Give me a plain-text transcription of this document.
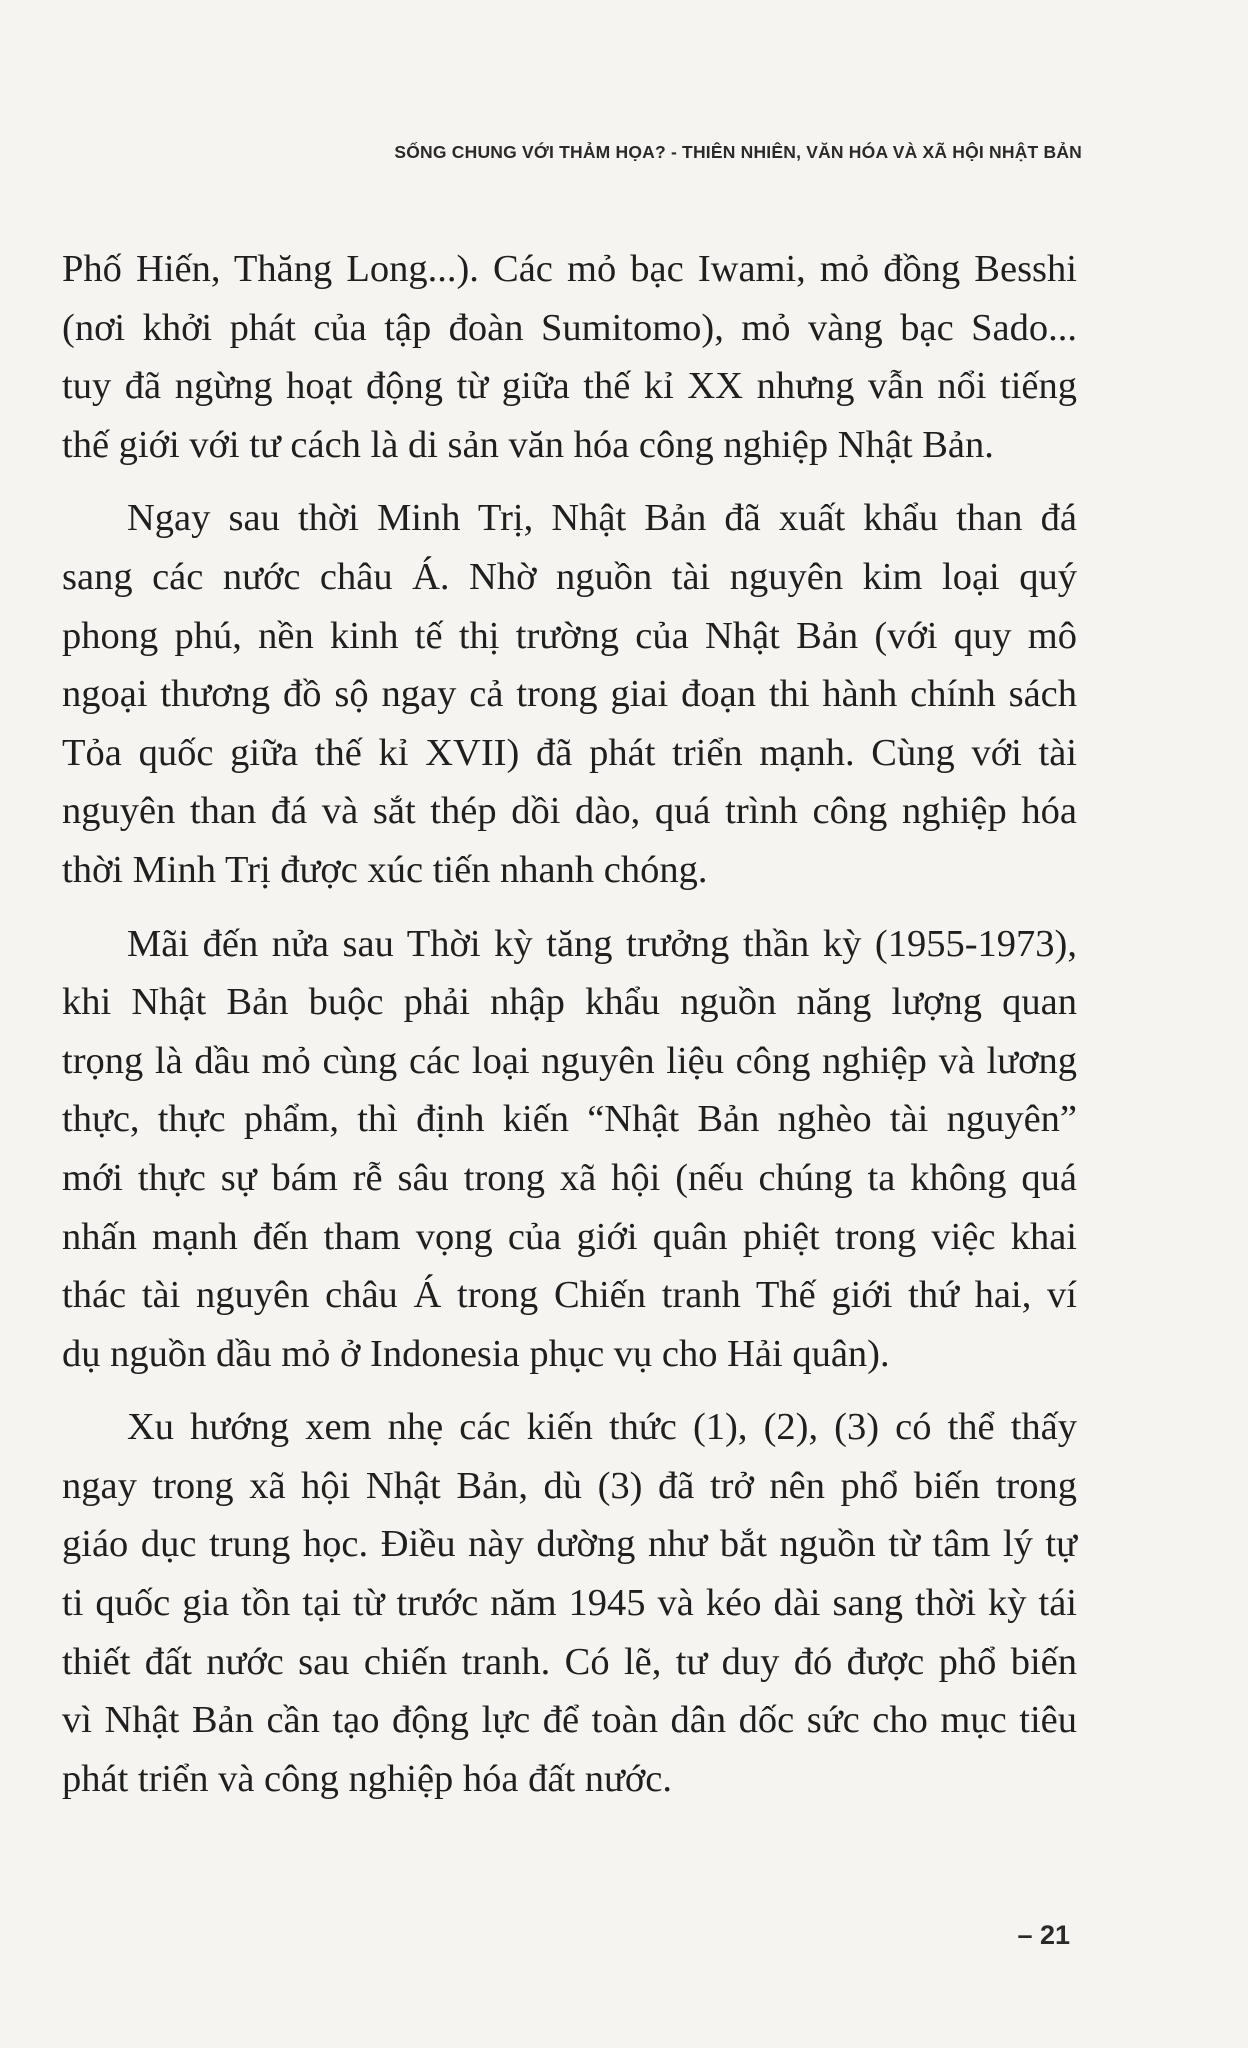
SỐNG CHUNG VỚI THẢM HỌA? - THIÊN NHIÊN, VĂN HÓA VÀ XÃ HỘI NHẬT BẢN
Phố Hiến, Thăng Long...). Các mỏ bạc Iwami, mỏ đồng Besshi
(nơi khởi phát của tập đoàn Sumitomo), mỏ vàng bạc Sado...
tuy đã ngừng hoạt động từ giữa thế kỉ XX nhưng vẫn nổi tiếng
thế giới với tư cách là di sản văn hóa công nghiệp Nhật Bản.
Ngay sau thời Minh Trị, Nhật Bản đã xuất khẩu than đá
sang các nước châu Á. Nhờ nguồn tài nguyên kim loại quý
phong phú, nền kinh tế thị trường của Nhật Bản (với quy mô
ngoại thương đồ sộ ngay cả trong giai đoạn thi hành chính sách
Tỏa quốc giữa thế kỉ XVII) đã phát triển mạnh. Cùng với tài
nguyên than đá và sắt thép dồi dào, quá trình công nghiệp hóa
thời Minh Trị được xúc tiến nhanh chóng.
Mãi đến nửa sau Thời kỳ tăng trưởng thần kỳ (1955-1973),
khi Nhật Bản buộc phải nhập khẩu nguồn năng lượng quan
trọng là dầu mỏ cùng các loại nguyên liệu công nghiệp và lương
thực, thực phẩm, thì định kiến “Nhật Bản nghèo tài nguyên”
mới thực sự bám rễ sâu trong xã hội (nếu chúng ta không quá
nhấn mạnh đến tham vọng của giới quân phiệt trong việc khai
thác tài nguyên châu Á trong Chiến tranh Thế giới thứ hai, ví
dụ nguồn dầu mỏ ở Indonesia phục vụ cho Hải quân).
Xu hướng xem nhẹ các kiến thức (1), (2), (3) có thể thấy
ngay trong xã hội Nhật Bản, dù (3) đã trở nên phổ biến trong
giáo dục trung học. Điều này dường như bắt nguồn từ tâm lý tự
ti quốc gia tồn tại từ trước năm 1945 và kéo dài sang thời kỳ tái
thiết đất nước sau chiến tranh. Có lẽ, tư duy đó được phổ biến
vì Nhật Bản cần tạo động lực để toàn dân dốc sức cho mục tiêu
phát triển và công nghiệp hóa đất nước.
– 21
